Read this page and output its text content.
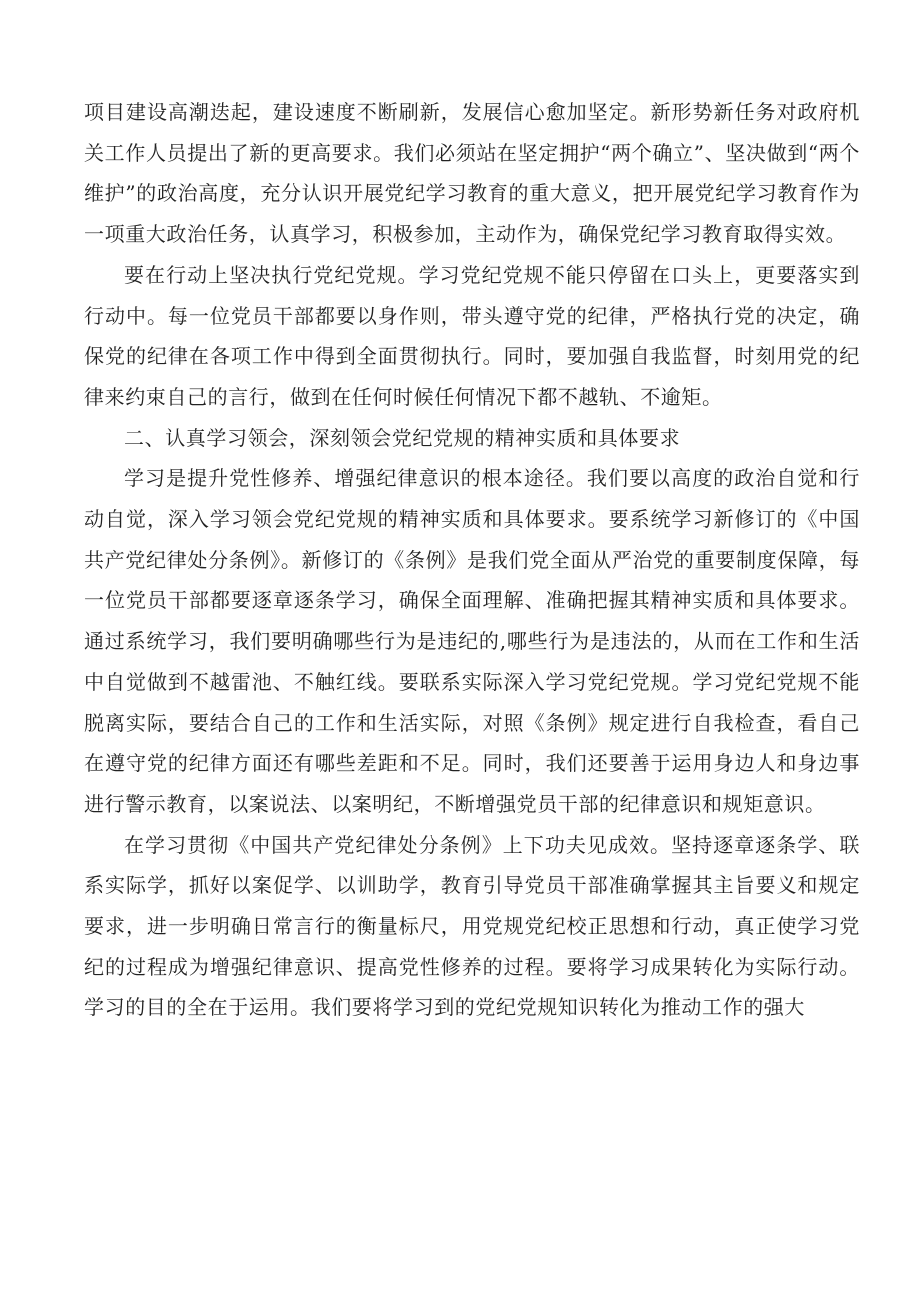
项目建设高潮迭起，建设速度不断刷新，发展信心愈加坚定。新形势新任务对政府机关工作人员提出了新的更高要求。我们必须站在坚定拥护“两个确立”、坚决做到“两个维护”的政治高度，充分认识开展党纪学习教育的重大意义，把开展党纪学习教育作为一项重大政治任务，认真学习，积极参加，主动作为，确保党纪学习教育取得实效。

要在行动上坚决执行党纪党规。学习党纪党规不能只停留在口头上，更要落实到行动中。每一位党员干部都要以身作则，带头遵守党的纪律，严格执行党的决定，确保党的纪律在各项工作中得到全面贯彻执行。同时，要加强自我监督，时刻用党的纪律来约束自己的言行，做到在任何时候任何情况下都不越轨、不逾矩。

二、认真学习领会，深刻领会党纪党规的精神实质和具体要求

学习是提升党性修养、增强纪律意识的根本途径。我们要以高度的政治自觉和行动自觉，深入学习领会党纪党规的精神实质和具体要求。要系统学习新修订的《中国共产党纪律处分条例》。新修订的《条例》是我们党全面从严治党的重要制度保障，每一位党员干部都要逐章逐条学习，确保全面理解、准确把握其精神实质和具体要求。通过系统学习，我们要明确哪些行为是违纪的,哪些行为是违法的，从而在工作和生活中自觉做到不越雷池、不触红线。要联系实际深入学习党纪党规。学习党纪党规不能脱离实际，要结合自己的工作和生活实际，对照《条例》规定进行自我检查，看自己在遵守党的纪律方面还有哪些差距和不足。同时，我们还要善于运用身边人和身边事进行警示教育，以案说法、以案明纪，不断增强党员干部的纪律意识和规矩意识。

在学习贯彻《中国共产党纪律处分条例》上下功夫见成效。坚持逐章逐条学、联系实际学，抓好以案促学、以训助学，教育引导党员干部准确掌握其主旨要义和规定要求，进一步明确日常言行的衡量标尺，用党规党纪校正思想和行动，真正使学习党纪的过程成为增强纪律意识、提高党性修养的过程。要将学习成果转化为实际行动。学习的目的全在于运用。我们要将学习到的党纪党规知识转化为推动工作的强大
